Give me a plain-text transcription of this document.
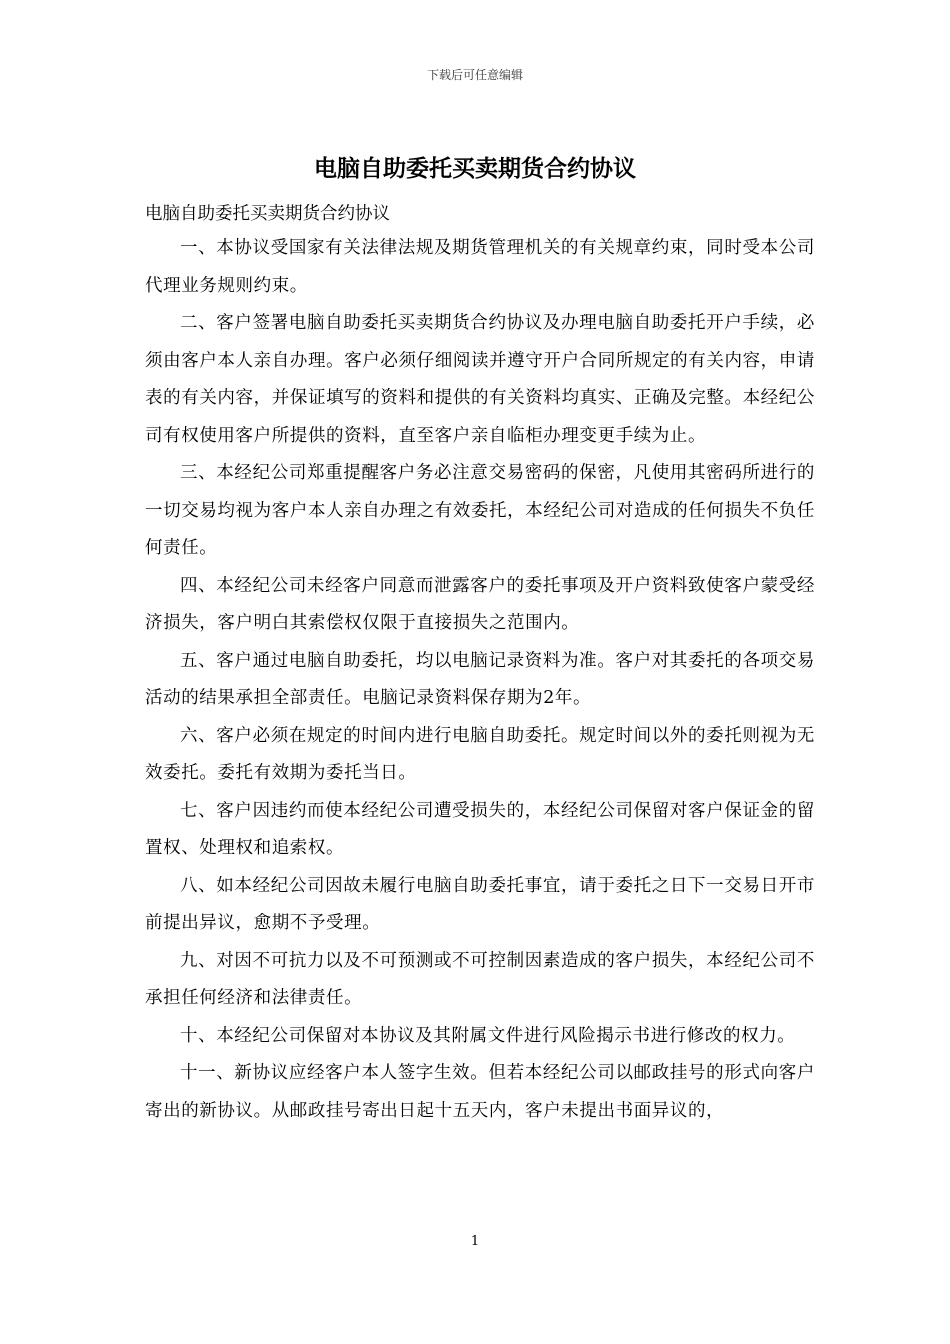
下载后可任意编辑
电脑自助委托买卖期货合约协议

电脑自助委托买卖期货合约协议

一、本协议受国家有关法律法规及期货管理机关的有关规章约束，同时受本公司代理业务规则约束。

二、客户签署电脑自助委托买卖期货合约协议及办理电脑自助委托开户手续，必须由客户本人亲自办理。客户必须仔细阅读并遵守开户合同所规定的有关内容，申请表的有关内容，并保证填写的资料和提供的有关资料均真实、正确及完整。本经纪公司有权使用客户所提供的资料，直至客户亲自临柜办理变更手续为止。

三、本经纪公司郑重提醒客户务必注意交易密码的保密，凡使用其密码所进行的一切交易均视为客户本人亲自办理之有效委托，本经纪公司对造成的任何损失不负任何责任。

四、本经纪公司未经客户同意而泄露客户的委托事项及开户资料致使客户蒙受经济损失，客户明白其索偿权仅限于直接损失之范围内。

五、客户通过电脑自助委托，均以电脑记录资料为准。客户对其委托的各项交易活动的结果承担全部责任。电脑记录资料保存期为2年。

六、客户必须在规定的时间内进行电脑自助委托。规定时间以外的委托则视为无效委托。委托有效期为委托当日。

七、客户因违约而使本经纪公司遭受损失的，本经纪公司保留对客户保证金的留置权、处理权和追索权。

八、如本经纪公司因故未履行电脑自助委托事宜，请于委托之日下一交易日开市前提出异议，愈期不予受理。

九、对因不可抗力以及不可预测或不可控制因素造成的客户损失，本经纪公司不承担任何经济和法律责任。

十、本经纪公司保留对本协议及其附属文件进行风险揭示书进行修改的权力。

十一、新协议应经客户本人签字生效。但若本经纪公司以邮政挂号的形式向客户寄出的新协议。从邮政挂号寄出日起十五天内，客户未提出书面异议的，

1
